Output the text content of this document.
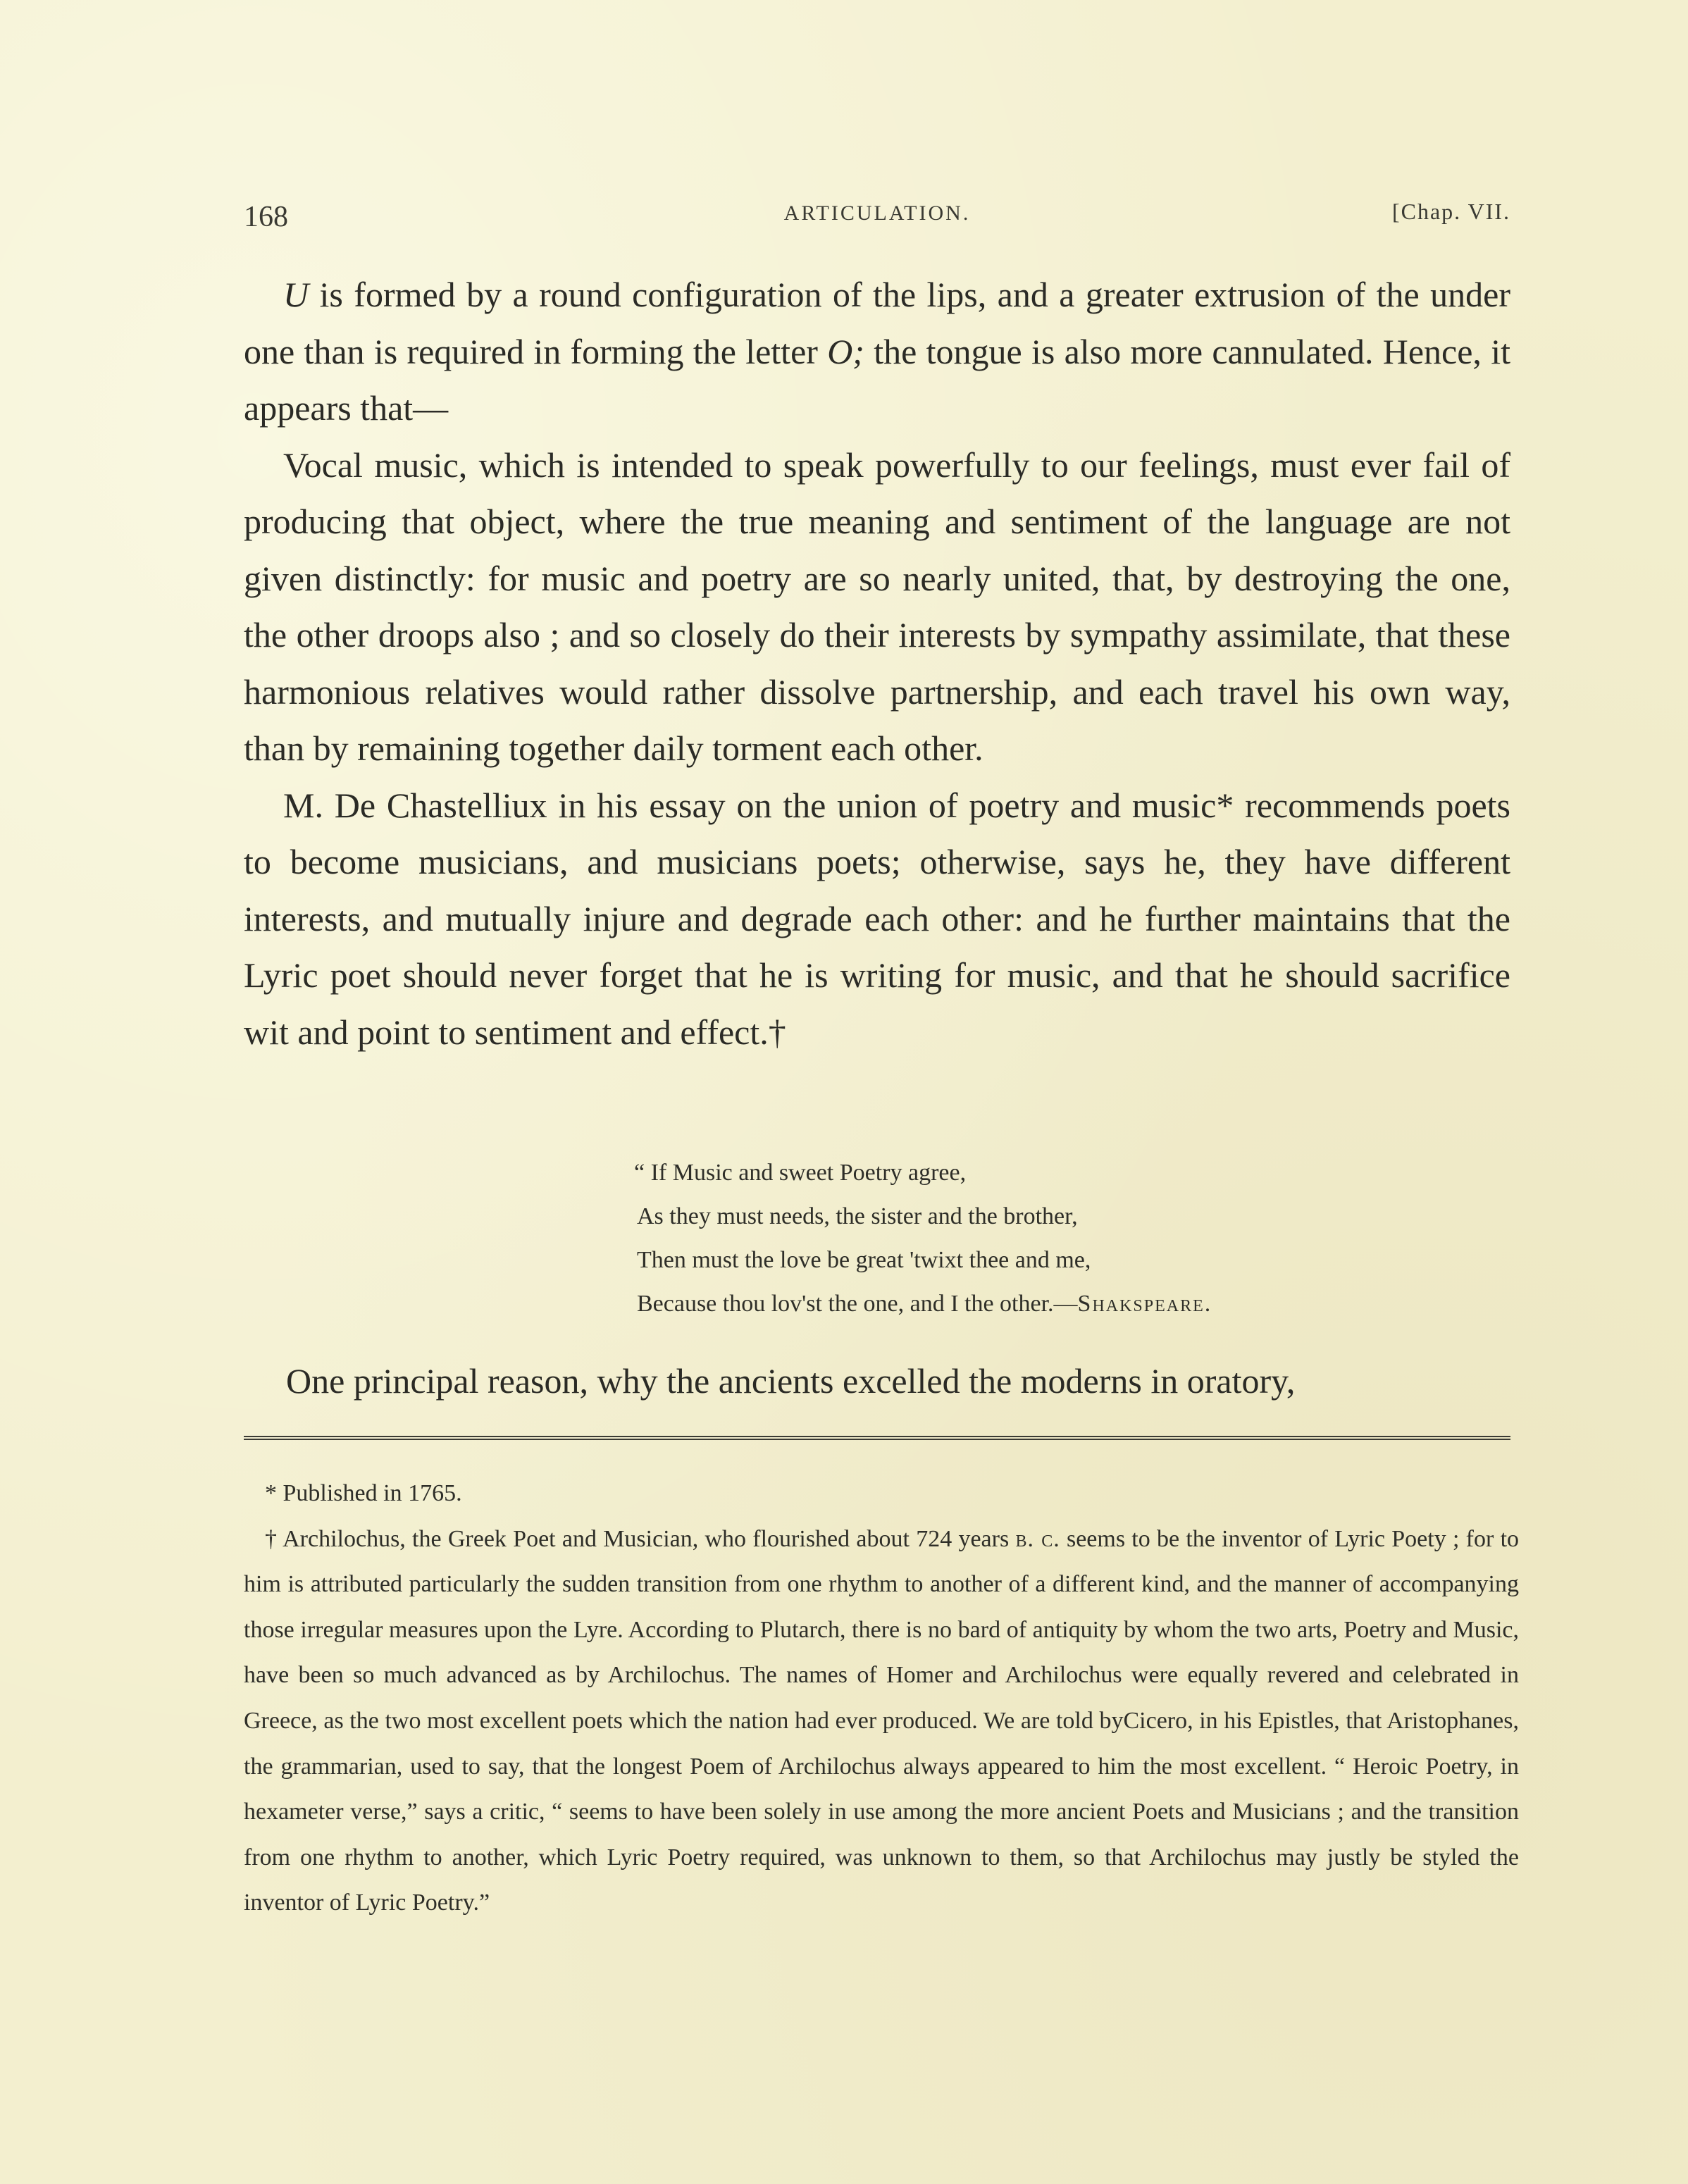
168	ARTICULATION.	[Chap. VII.

U is formed by a round configuration of the lips, and a greater extrusion of the under one than is required in forming the letter O; the tongue is also more cannulated. Hence, it appears that—

Vocal music, which is intended to speak powerfully to our feelings, must ever fail of producing that object, where the true meaning and sentiment of the language are not given distinctly: for music and poetry are so nearly united, that, by destroying the one, the other droops also ; and so closely do their interests by sympathy assimilate, that these harmonious relatives would rather dissolve partnership, and each travel his own way, than by remaining together daily torment each other.

M. De Chastelliux in his essay on the union of poetry and music* recommends poets to become musicians, and musicians poets; otherwise, says he, they have different interests, and mutually injure and degrade each other: and he further maintains that the Lyric poet should never forget that he is writing for music, and that he should sacrifice wit and point to sentiment and effect.†

“ If Music and sweet Poetry agree,
As they must needs, the sister and the brother,
Then must the love be great 'twixt thee and me,
Because thou lov'st the one, and I the other.—Shakspeare.
One principal reason, why the ancients excelled the moderns in oratory,

* Published in 1765.

† Archilochus, the Greek Poet and Musician, who flourished about 724 years b. c. seems to be the inventor of Lyric Poety ; for to him is attributed particularly the sudden transition from one rhythm to another of a different kind, and the manner of accompanying those irregular measures upon the Lyre. According to Plutarch, there is no bard of antiquity by whom the two arts, Poetry and Music, have been so much advanced as by Archilochus. The names of Homer and Archilochus were equally revered and celebrated in Greece, as the two most excellent poets which the nation had ever produced. We are told byCicero, in his Epistles, that Aristophanes, the grammarian, used to say, that the longest Poem of Archilochus always appeared to him the most excellent. “ Heroic Poetry, in hexameter verse,” says a critic, “ seems to have been solely in use among the more ancient Poets and Musicians ; and the transition from one rhythm to another, which Lyric Poetry required, was unknown to them, so that Archilochus may justly be styled the inventor of Lyric Poetry.”
